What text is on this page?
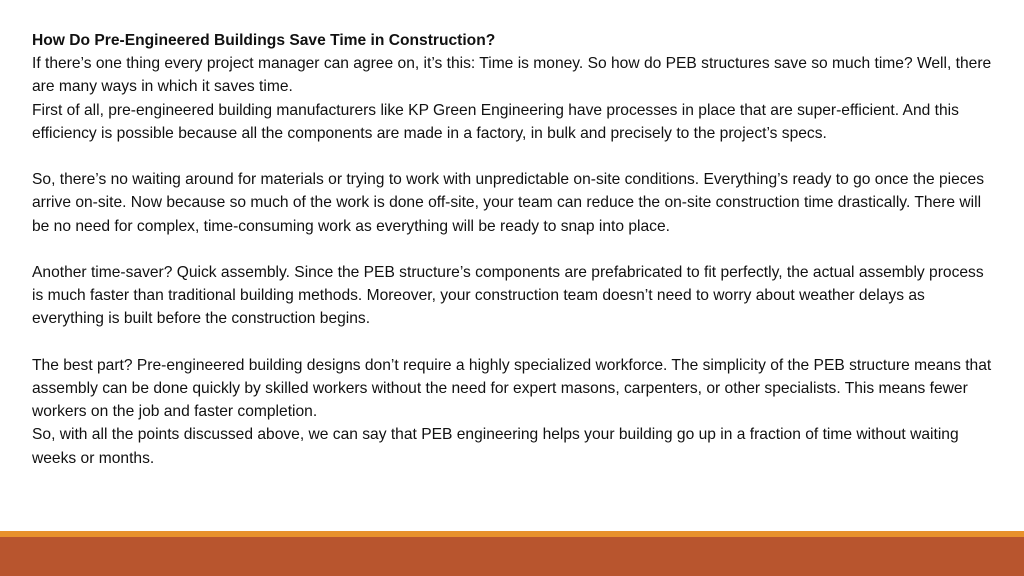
How Do Pre-Engineered Buildings Save Time in Construction?

If there’s one thing every project manager can agree on, it’s this: Time is money. So how do PEB structures save so much time? Well, there are many ways in which it saves time.

First of all, pre-engineered building manufacturers like KP Green Engineering have processes in place that are super-efficient. And this efficiency is possible because all the components are made in a factory, in bulk and precisely to the project’s specs.

So, there’s no waiting around for materials or trying to work with unpredictable on-site conditions. Everything’s ready to go once the pieces arrive on-site. Now because so much of the work is done off-site, your team can reduce the on-site construction time drastically. There will be no need for complex, time-consuming work as everything will be ready to snap into place.

Another time-saver? Quick assembly. Since the PEB structure’s components are prefabricated to fit perfectly, the actual assembly process is much faster than traditional building methods. Moreover, your construction team doesn’t need to worry about weather delays as everything is built before the construction begins.

The best part? Pre-engineered building designs don’t require a highly specialized workforce. The simplicity of the PEB structure means that assembly can be done quickly by skilled workers without the need for expert masons, carpenters, or other specialists. This means fewer workers on the job and faster completion.

So, with all the points discussed above, we can say that PEB engineering helps your building go up in a fraction of time without waiting weeks or months.
